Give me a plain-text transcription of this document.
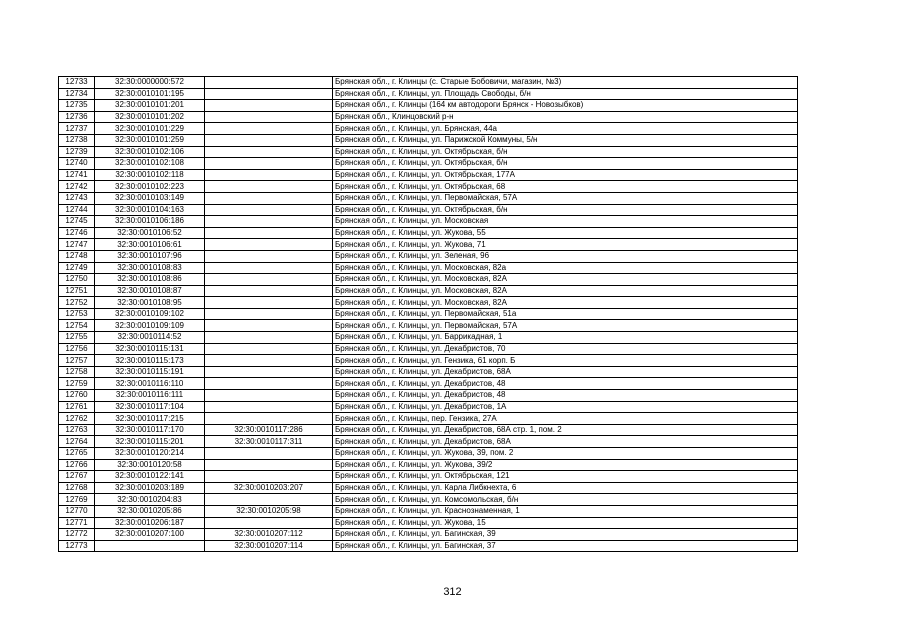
12733	32:30:0000000:572		Брянская обл., г. Клинцы (с. Старые Бобовичи, магазин, №3)
12734	32:30:0010101:195		Брянская обл., г. Клинцы, ул. Площадь Свободы, б/н
12735	32:30:0010101:201		Брянская обл., г. Клинцы (164 км автодороги Брянск - Новозыбков)
12736	32:30:0010101:202		Брянская обл., Клинцовский р-н
12737	32:30:0010101:229		Брянская обл., г. Клинцы, ул. Брянская, 44а
12738	32:30:0010101:259		Брянская обл., г. Клинцы, ул. Парижской Коммуны, 5/н
12739	32:30:0010102:106		Брянская обл., г. Клинцы, ул. Октябрьская, б/н
12740	32:30:0010102:108		Брянская обл., г. Клинцы, ул. Октябрьская, б/н
12741	32:30:0010102:118		Брянская обл., г. Клинцы, ул. Октябрьская, 177А
12742	32:30:0010102:223		Брянская обл., г. Клинцы, ул. Октябрьская, 68
12743	32:30:0010103:149		Брянская обл., г. Клинцы, ул. Первомайская, 57А
12744	32:30:0010104:163		Брянская обл., г. Клинцы, ул. Октябрьская, б/н
12745	32:30:0010106:186		Брянская обл., г. Клинцы, ул. Московская
12746	32:30:0010106:52		Брянская обл., г. Клинцы, ул. Жукова, 55
12747	32:30:0010106:61		Брянская обл., г. Клинцы, ул. Жукова, 71
12748	32:30:0010107:96		Брянская обл., г. Клинцы, ул. Зеленая, 96
12749	32:30:0010108:83		Брянская обл., г. Клинцы, ул. Московская, 82а
12750	32:30:0010108:86		Брянская обл., г. Клинцы, ул. Московская, 82А
12751	32:30:0010108:87		Брянская обл., г. Клинцы, ул. Московская, 82А
12752	32:30:0010108:95		Брянская обл., г. Клинцы, ул. Московская, 82А
12753	32:30:0010109:102		Брянская обл., г. Клинцы, ул. Первомайская, 51а
12754	32:30:0010109:109		Брянская обл., г. Клинцы, ул. Первомайская, 57А
12755	32:30:0010114:52		Брянская обл., г. Клинцы, ул. Баррикадная, 1
12756	32:30:0010115:131		Брянская обл., г. Клинцы, ул. Декабристов, 70
12757	32:30:0010115:173		Брянская обл., г. Клинцы, ул. Гензика, 61 корп. Б
12758	32:30:0010115:191		Брянская обл., г. Клинцы, ул. Декабристов, 68А
12759	32:30:0010116:110		Брянская обл., г. Клинцы, ул. Декабристов, 48
12760	32:30:0010116:111		Брянская обл., г. Клинцы, ул. Декабристов, 48
12761	32:30:0010117:104		Брянская обл., г. Клинцы, ул. Декабристов, 1А
12762	32:30:0010117:215		Брянская обл., г. Клинцы, пер. Гензика, 27А
12763	32:30:0010117:170	32:30:0010117:286	Брянская обл., г. Клинцы, ул. Декабристов, 68А стр. 1, пом. 2
12764	32:30:0010115:201	32:30:0010117:311	Брянская обл., г. Клинцы, ул. Декабристов, 68А
12765	32:30:0010120:214		Брянская обл., г. Клинцы, ул. Жукова, 39, пом. 2
12766	32:30:0010120:58		Брянская обл., г. Клинцы, ул. Жукова, 39/2
12767	32:30:0010122:141		Брянская обл., г. Клинцы, ул. Октябрьская, 121
12768	32:30:0010203:189	32:30:0010203:207	Брянская обл., г. Клинцы, ул. Карла Либкнехта, 6
12769	32:30:0010204:83		Брянская обл., г. Клинцы, ул. Комсомольская, б/н
12770	32:30:0010205:86	32:30:0010205:98	Брянская обл., г. Клинцы, ул. Краснознаменная, 1
12771	32:30:0010206:187		Брянская обл., г. Клинцы, ул. Жукова, 15
12772	32:30:0010207:100	32:30:0010207:112	Брянская обл., г. Клинцы, ул. Багинская, 39
12773		32:30:0010207:114	Брянская обл., г. Клинцы, ул. Багинская, 37
312
